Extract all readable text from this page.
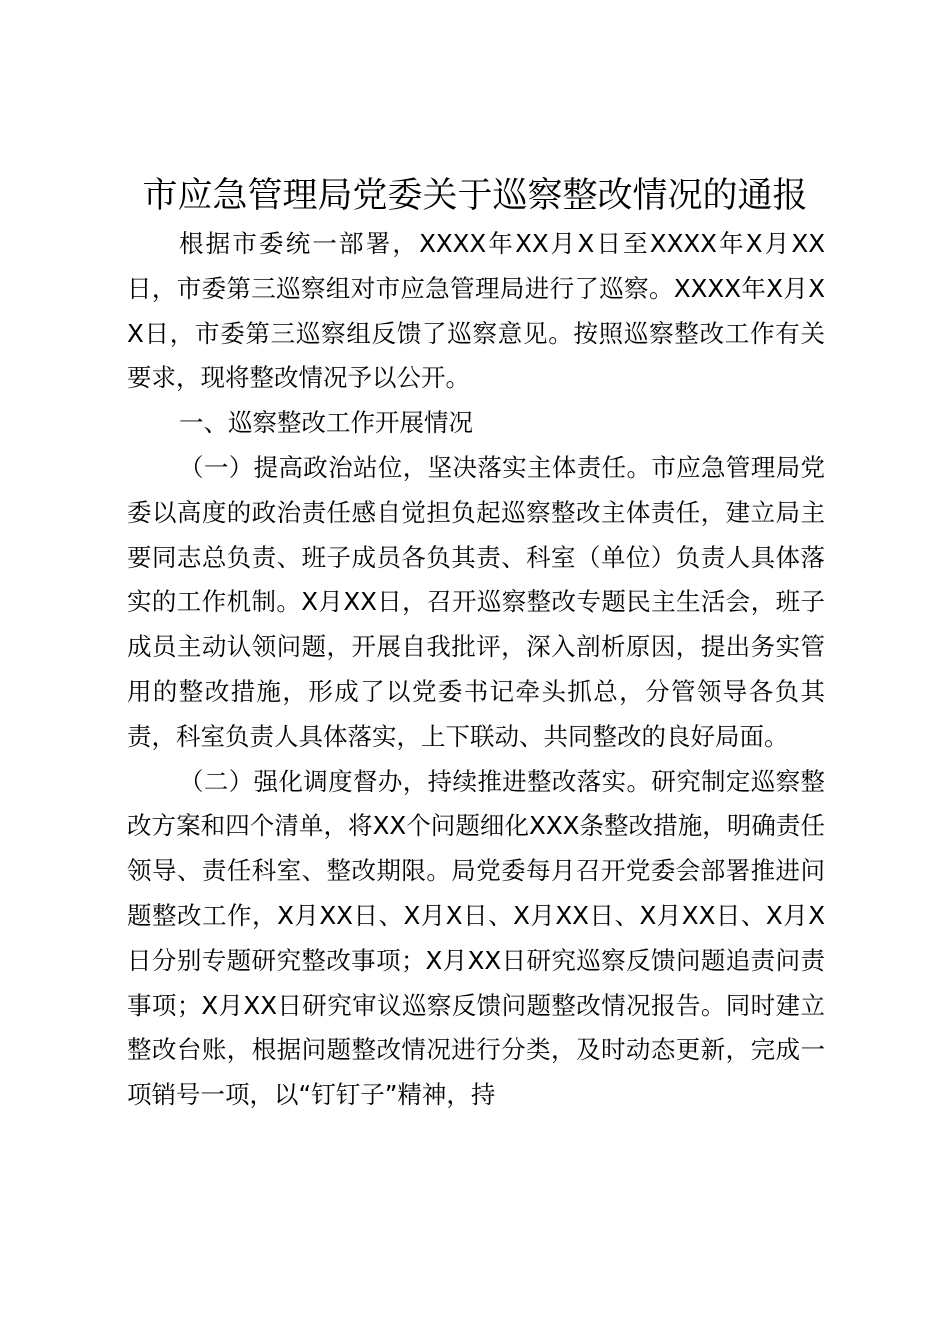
市应急管理局党委关于巡察整改情况的通报

根据市委统一部署，XXXX年XX月X日至XXXX年X月XX日，市委第三巡察组对市应急管理局进行了巡察。XXXX年X月XX日，市委第三巡察组反馈了巡察意见。按照巡察整改工作有关要求，现将整改情况予以公开。

一、巡察整改工作开展情况

（一）提高政治站位，坚决落实主体责任。市应急管理局党委以高度的政治责任感自觉担负起巡察整改主体责任，建立局主要同志总负责、班子成员各负其责、科室（单位）负责人具体落实的工作机制。X月XX日，召开巡察整改专题民主生活会，班子成员主动认领问题，开展自我批评，深入剖析原因，提出务实管用的整改措施，形成了以党委书记牵头抓总，分管领导各负其责，科室负责人具体落实，上下联动、共同整改的良好局面。

（二）强化调度督办，持续推进整改落实。研究制定巡察整改方案和四个清单，将XX个问题细化XXX条整改措施，明确责任领导、责任科室、整改期限。局党委每月召开党委会部署推进问题整改工作，X月XX日、X月X日、X月XX日、X月XX日、X月X日分别专题研究整改事项；X月XX日研究巡察反馈问题追责问责事项；X月XX日研究审议巡察反馈问题整改情况报告。同时建立整改台账，根据问题整改情况进行分类，及时动态更新，完成一项销号一项，以“钉钉子”精神，持
